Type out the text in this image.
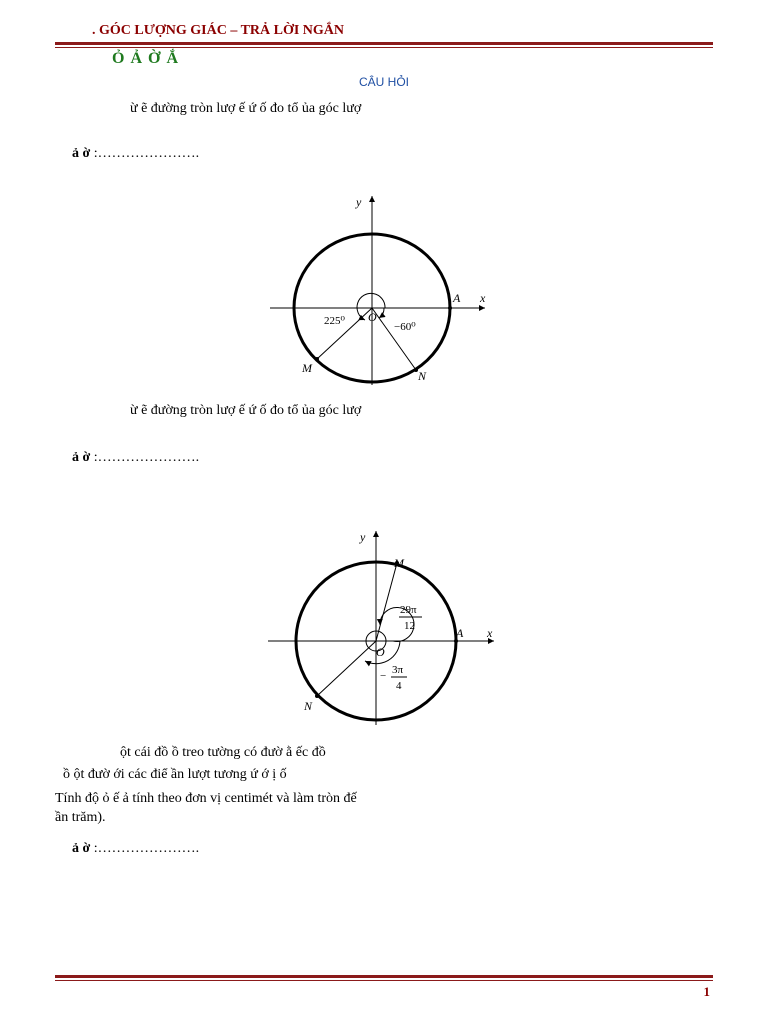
. GÓC LƯỢNG GIÁC – TRẢ LỜI NGẮN
Ỏ Ả Ờ Ắ
CÂU HỎI
ừ ẽ đường tròn lượ ế ứ ố đo tổ ủa góc lượ
ả ờ :………………….
x
y
A
O
M
N
225⁰	−60⁰
ừ ẽ đường tròn lượ ế ứ ố đo tổ ủa góc lượ
ả ờ :………………….
x
y
A
O
M
N
29π
12
− 3π
4
ột cái đồ ồ treo tường có đườ ằ ếc đồ
ồ ột đườ ới các điể ần lượt tương ứ ớ ị ố
Tính độ ỏ ế ả tính theo đơn vị centimét và làm tròn đế
ần trăm).
ả ờ :………………….
1
